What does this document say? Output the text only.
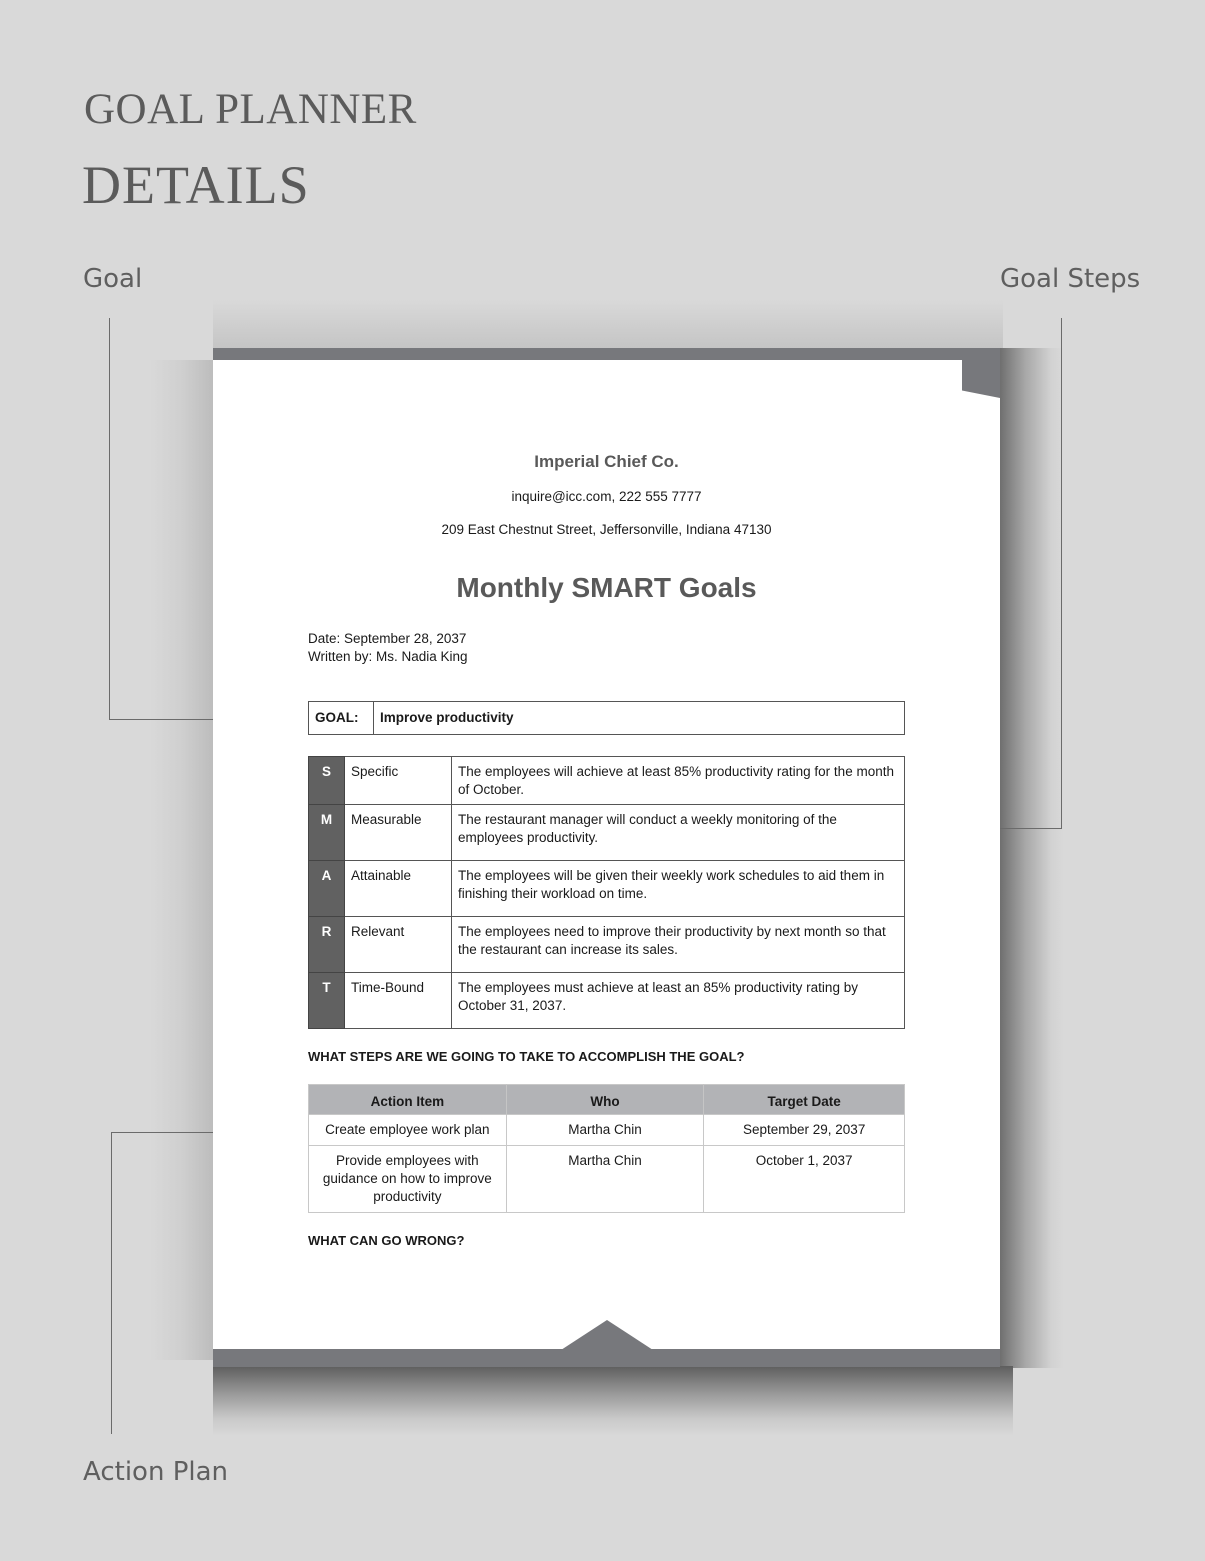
GOAL PLANNER
DETAILS
Goal	Goal Steps
Action Plan
Imperial Chief Co.
inquire@icc.com, 222 555 7777
209 East Chestnut Street, Jeffersonville, Indiana 47130
Monthly SMART Goals
Date: September 28, 2037
Written by: Ms. Nadia King
GOAL:	Improve productivity
S	Specific	The employees will achieve at least 85% productivity rating for the month of October.
M	Measurable	The restaurant manager will conduct a weekly monitoring of the employees productivity.
A	Attainable	The employees will be given their weekly work schedules to aid them in finishing their workload on time.
R	Relevant	The employees need to improve their productivity by next month so that the restaurant can increase its sales.
T	Time-Bound	The employees must achieve at least an 85% productivity rating by October 31, 2037.
WHAT STEPS ARE WE GOING TO TAKE TO ACCOMPLISH THE GOAL?
Action Item	Who	Target Date
Create employee work plan	Martha Chin	September 29, 2037
Provide employees with guidance on how to improve productivity	Martha Chin	October 1, 2037
WHAT CAN GO WRONG?
